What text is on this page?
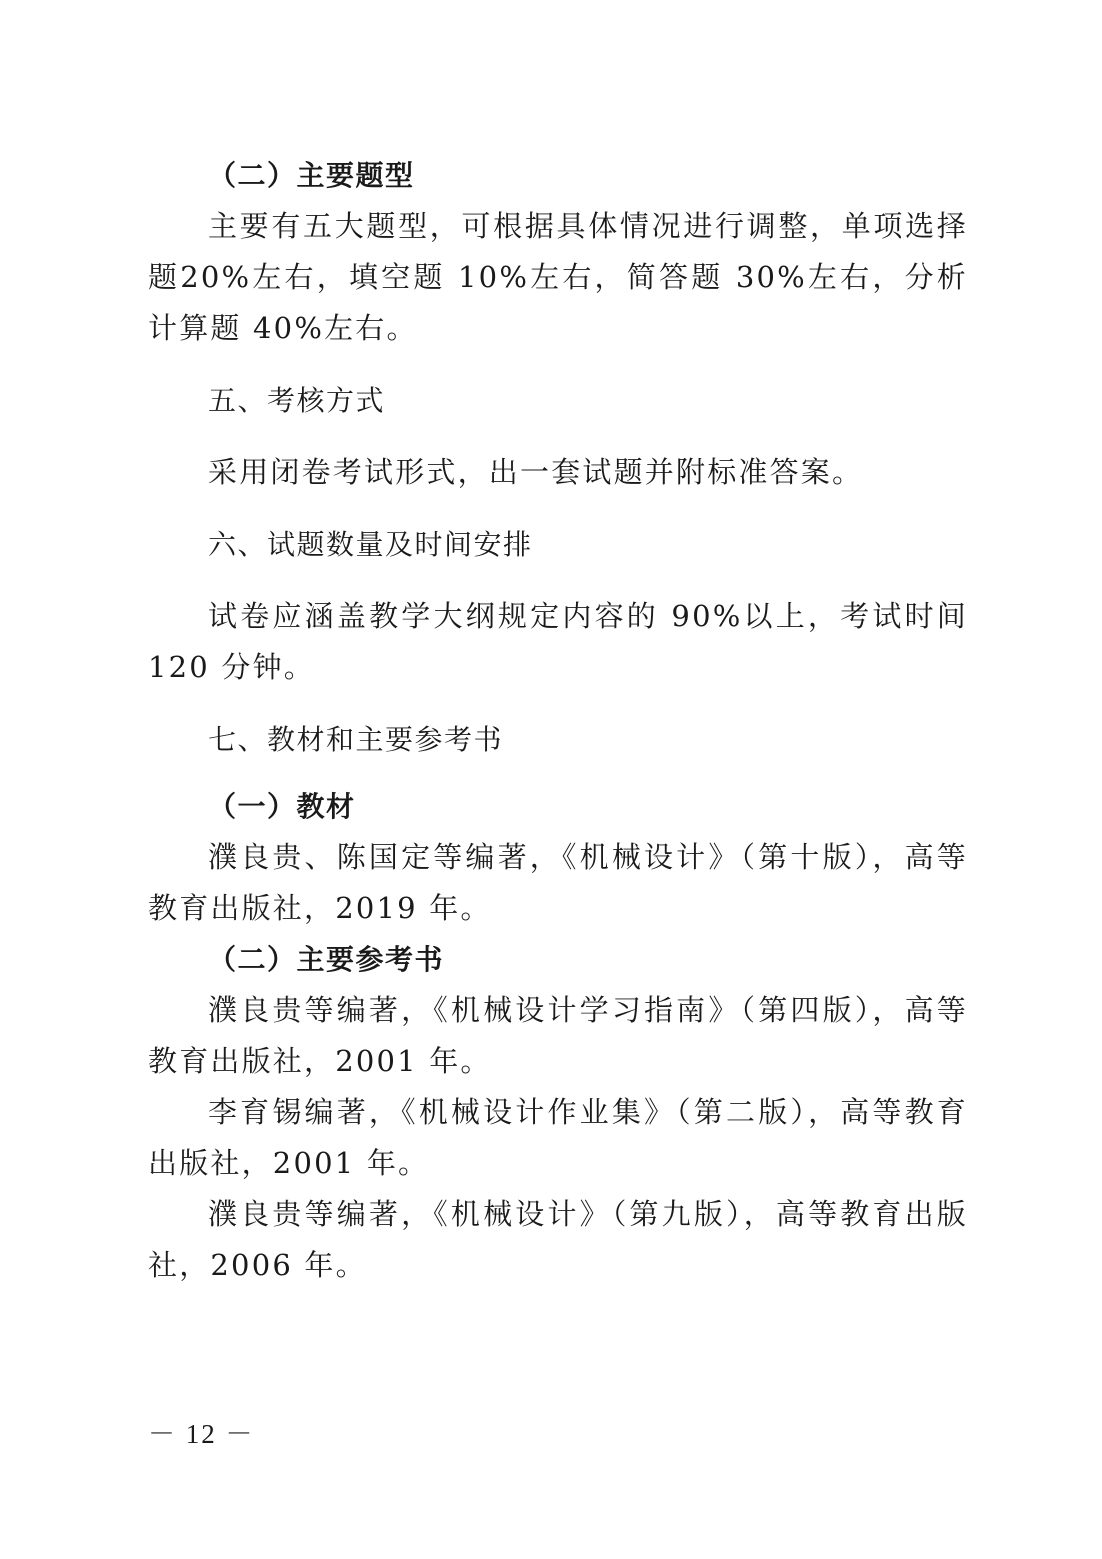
（二）主要题型

主要有五大题型，可根据具体情况进行调整，单项选择题20%左右，填空题 10%左右，简答题 30%左右，分析计算题 40%左右。

五、考核方式

采用闭卷考试形式，出一套试题并附标准答案。

六、试题数量及时间安排

试卷应涵盖教学大纲规定内容的 90%以上，考试时间 120 分钟。

七、教材和主要参考书

（一）教材

濮良贵、陈国定等编著，《机械设计》（第十版），高等教育出版社，2019 年。

（二）主要参考书

濮良贵等编著，《机械设计学习指南》（第四版），高等教育出版社，2001 年。

李育锡编著，《机械设计作业集》（第二版），高等教育出版社，2001 年。

濮良贵等编著，《机械设计》（第九版），高等教育出版社，2006 年。

－ 12 －
